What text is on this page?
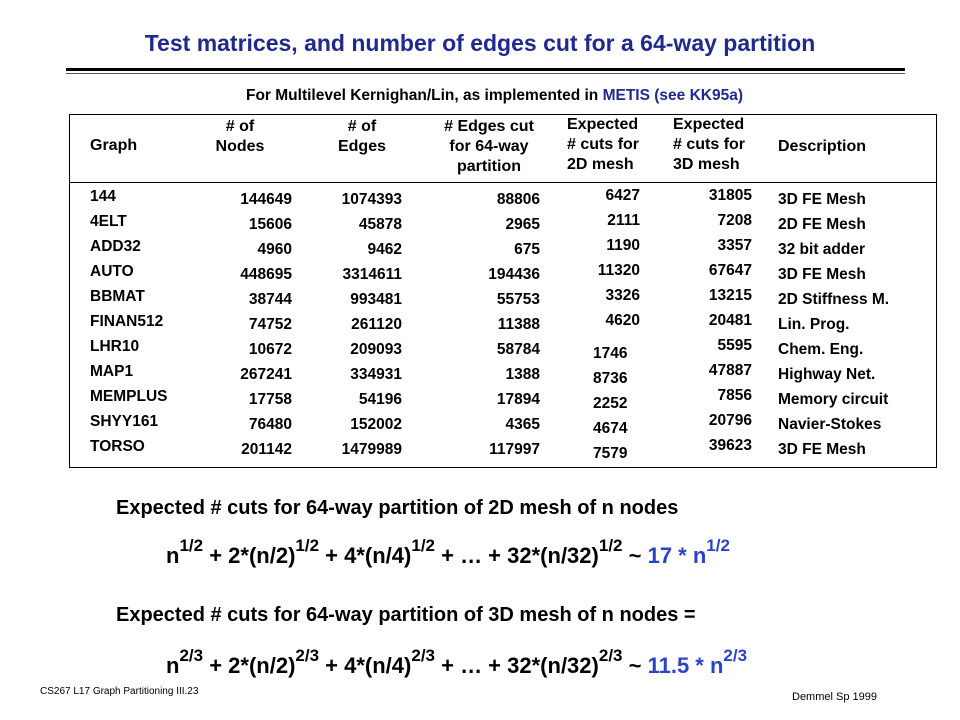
Test matrices, and number of edges cut for a 64-way partition
For Multilevel Kernighan/Lin, as implemented in METIS (see KK95a)
Graph
# of
Nodes
# of
Edges
# Edges cut
for 64-way
partition
Expected
# cuts for
2D mesh
Expected
# cuts for
3D mesh
Description
144
4ELT
ADD32
AUTO
BBMAT
FINAN512
LHR10
MAP1
MEMPLUS
SHYY161
TORSO
144649
15606
4960
448695
38744
74752
10672
267241
17758
76480
201142
1074393
45878
9462
3314611
993481
261120
209093
334931
54196
152002
1479989
88806
2965
675
194436
55753
11388
58784
1388
17894
4365
117997
6427
2111
1190
11320
3326
4620
1746
8736
2252
4674
7579
31805
7208
3357
67647
13215
20481
5595
47887
7856
20796
39623
3D FE Mesh
2D FE Mesh
32 bit adder
3D FE Mesh
2D Stiffness M.
Lin. Prog.
Chem. Eng.
Highway Net.
Memory circuit
Navier-Stokes
3D FE Mesh
Expected # cuts for 64-way partition of 2D mesh of n nodes
$n^{1/2} + 2*(n/2)^{1/2} + 4*(n/4)^{1/2}$ + … + $32*(n/32)^{1/2}$ ~ $17 * n^{1/2}$
Expected # cuts for 64-way partition of 3D mesh of n nodes =
$n^{2/3} + 2*(n/2)^{2/3} + 4*(n/4)^{2/3}$ + … + $32*(n/32)^{2/3}$ ~ $11.5 * n^{2/3}$
CS267 L17 Graph Partitioning III.23	Demmel Sp 1999
